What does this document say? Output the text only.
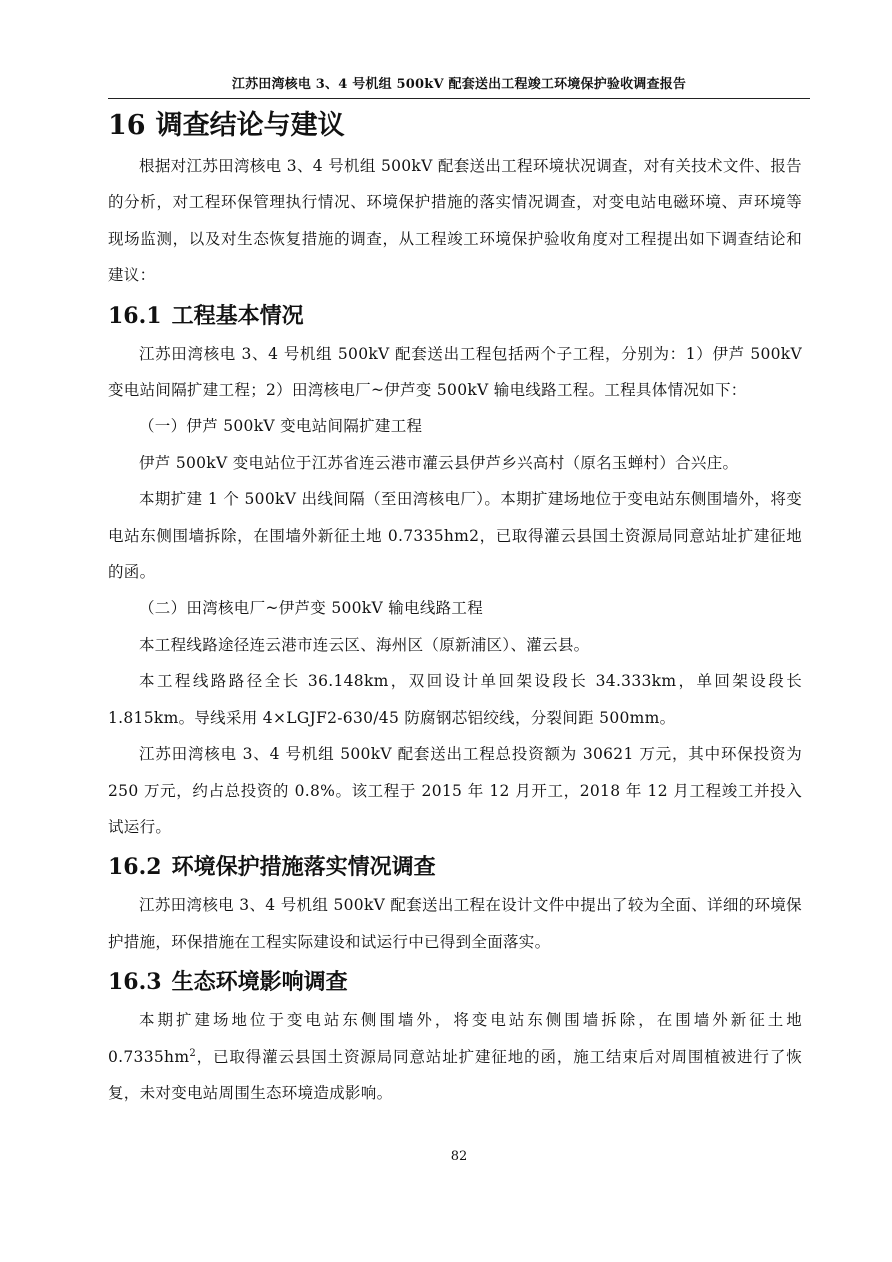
江苏田湾核电 3、4 号机组 500kV 配套送出工程竣工环境保护验收调查报告
16 调查结论与建议

根据对江苏田湾核电 3、4 号机组 500kV 配套送出工程环境状况调查，对有关技术文件、报告的分析，对工程环保管理执行情况、环境保护措施的落实情况调查，对变电站电磁环境、声环境等现场监测，以及对生态恢复措施的调查，从工程竣工环境保护验收角度对工程提出如下调查结论和建议：

16.1 工程基本情况

江苏田湾核电 3、4 号机组 500kV 配套送出工程包括两个子工程，分别为：1）伊芦 500kV 变电站间隔扩建工程；2）田湾核电厂~伊芦变 500kV 输电线路工程。工程具体情况如下：

（一）伊芦 500kV 变电站间隔扩建工程

伊芦 500kV 变电站位于江苏省连云港市灌云县伊芦乡兴高村（原名玉蝉村）合兴庄。

本期扩建 1 个 500kV 出线间隔（至田湾核电厂）。本期扩建场地位于变电站东侧围墙外，将变电站东侧围墙拆除，在围墙外新征土地 0.7335hm2，已取得灌云县国土资源局同意站址扩建征地的函。

（二）田湾核电厂~伊芦变 500kV 输电线路工程

本工程线路途径连云港市连云区、海州区（原新浦区）、灌云县。

本工程线路路径全长 36.148km，双回设计单回架设段长 34.333km，单回架设段长 1.815km。导线采用 4×LGJF2-630/45 防腐钢芯铝绞线，分裂间距 500mm。

江苏田湾核电 3、4 号机组 500kV 配套送出工程总投资额为 30621 万元，其中环保投资为 250 万元，约占总投资的 0.8%。该工程于 2015 年 12 月开工，2018 年 12 月工程竣工并投入试运行。

16.2 环境保护措施落实情况调查

江苏田湾核电 3、4 号机组 500kV 配套送出工程在设计文件中提出了较为全面、详细的环境保护措施，环保措施在工程实际建设和试运行中已得到全面落实。

16.3 生态环境影响调查

本期扩建场地位于变电站东侧围墙外，将变电站东侧围墙拆除，在围墙外新征土地 $0.7335hm^2$，已取得灌云县国土资源局同意站址扩建征地的函，施工结束后对周围植被进行了恢复，未对变电站周围生态环境造成影响。

82
